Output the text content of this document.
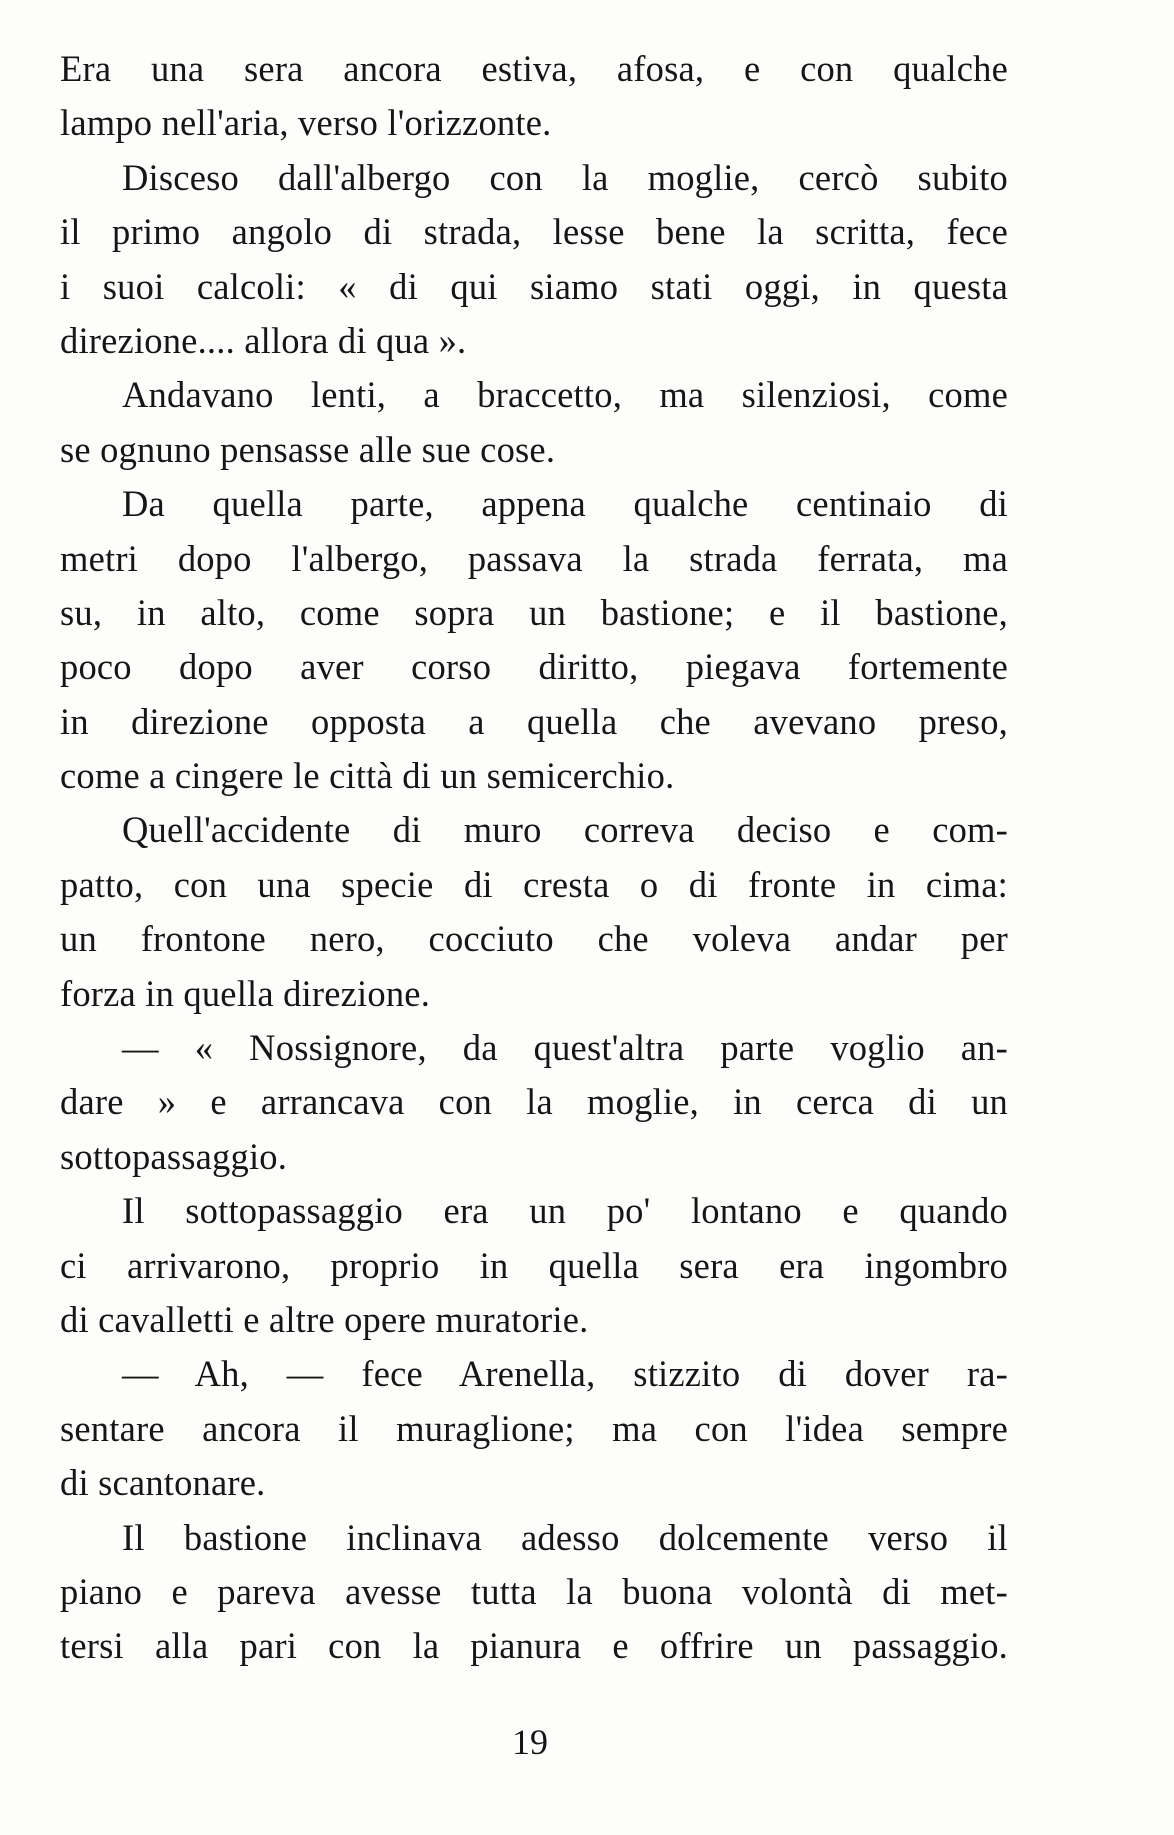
Era una sera ancora estiva, afosa, e con qualche
lampo nell'aria, verso l'orizzonte.

Disceso dall'albergo con la moglie, cercò subito
il primo angolo di strada, lesse bene la scritta, fece
i suoi calcoli: « di qui siamo stati oggi, in questa
direzione.... allora di qua ».

Andavano lenti, a braccetto, ma silenziosi, come
se ognuno pensasse alle sue cose.

Da quella parte, appena qualche centinaio di
metri dopo l'albergo, passava la strada ferrata, ma
su, in alto, come sopra un bastione; e il bastione,
poco dopo aver corso diritto, piegava fortemente
in direzione opposta a quella che avevano preso,
come a cingere le città di un semicerchio.

Quell'accidente di muro correva deciso e com-
patto, con una specie di cresta o di fronte in cima:
un frontone nero, cocciuto che voleva andar per
forza in quella direzione.

— « Nossignore, da quest'altra parte voglio an-
dare » e arrancava con la moglie, in cerca di un
sottopassaggio.

Il sottopassaggio era un po' lontano e quando
ci arrivarono, proprio in quella sera era ingombro
di cavalletti e altre opere muratorie.

— Ah, — fece Arenella, stizzito di dover ra-
sentare ancora il muraglione; ma con l'idea sempre
di scantonare.

Il bastione inclinava adesso dolcemente verso il
piano e pareva avesse tutta la buona volontà di met-
tersi alla pari con la pianura e offrire un passaggio.

19
